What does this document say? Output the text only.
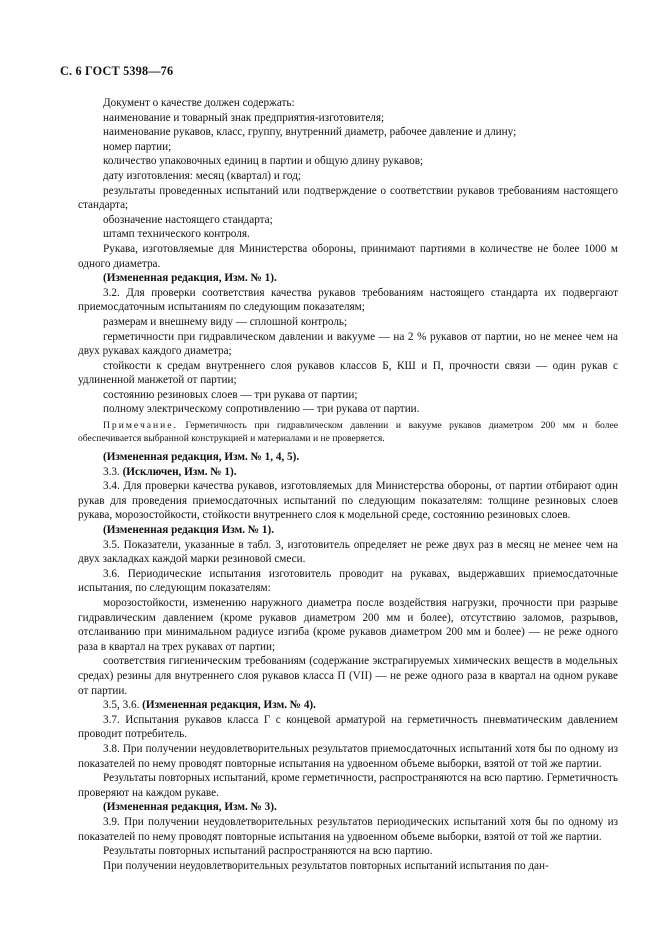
С. 6 ГОСТ 5398—76

Документ о качестве должен содержать:

наименование и товарный знак предприятия-изготовителя;

наименование рукавов, класс, группу, внутренний диаметр, рабочее давление и длину;

номер партии;

количество упаковочных единиц в партии и общую длину рукавов;

дату изготовления: месяц (квартал) и год;

результаты проведенных испытаний или подтверждение о соответствии рукавов требованиям настоящего стандарта;

обозначение настоящего стандарта;

штамп технического контроля.

Рукава, изготовляемые для Министерства обороны, принимают партиями в количестве не более 1000 м одного диаметра.

(Измененная редакция, Изм. № 1).

3.2. Для проверки соответствия качества рукавов требованиям настоящего стандарта их подвергают приемосдаточным испытаниям по следующим показателям;

размерам и внешнему виду — сплошной контроль;

герметичности при гидравлическом давлении и вакууме — на 2 % рукавов от партии, но не менее чем на двух рукавах каждого диаметра;

стойкости к средам внутреннего слоя рукавов классов Б, КШ и П, прочности связи — один рукав с удлиненной манжетой от партии;

состоянию резиновых слоев — три рукава от партии;

полному электрическому сопротивлению — три рукава от партии.

Примечание. Герметичность при гидравлическом давлении и вакууме рукавов диаметром 200 мм и более обеспечивается выбранной конструкцией и материалами и не проверяется.

(Измененная редакция, Изм. № 1, 4, 5).

3.3. (Исключен, Изм. № 1).

3.4. Для проверки качества рукавов, изготовляемых для Министерства обороны, от партии отбирают один рукав для проведения приемосдаточных испытаний по следующим показателям: толщине резиновых слоев рукава, морозостойкости, стойкости внутреннего слоя к модельной среде, состоянию резиновых слоев.

(Измененная редакция Изм. № 1).

3.5. Показатели, указанные в табл. 3, изготовитель определяет не реже двух раз в месяц не менее чем на двух закладках каждой марки резиновой смеси.

3.6. Периодические испытания изготовитель проводит на рукавах, выдержавших приемосдаточные испытания, по следующим показателям:

морозостойкости, изменению наружного диаметра после воздействия нагрузки, прочности при разрыве гидравлическим давлением (кроме рукавов диаметром 200 мм и более), отсутствию заломов, разрывов, отслаиванию при минимальном радиусе изгиба (кроме рукавов диаметром 200 мм и более) — не реже одного раза в квартал на трех рукавах от партии;

соответствия гигиеническим требованиям (содержание экстрагируемых химических веществ в модельных средах) резины для внутреннего слоя рукавов класса П (VII) — не реже одного раза в квартал на одном рукаве от партии.

3.5, 3.6. (Измененная редакция, Изм. № 4).

3.7. Испытания рукавов класса Г с концевой арматурой на герметичность пневматическим давлением проводит потребитель.

3.8. При получении неудовлетворительных результатов приемосдаточных испытаний хотя бы по одному из показателей по нему проводят повторные испытания на удвоенном объеме выборки, взятой от той же партии.

Результаты повторных испытаний, кроме герметичности, распространяются на всю партию. Герметичность проверяют на каждом рукаве.

(Измененная редакция, Изм. № 3).

3.9. При получении неудовлетворительных результатов периодических испытаний хотя бы по одному из показателей по нему проводят повторные испытания на удвоенном объеме выборки, взятой от той же партии.

Результаты повторных испытаний распространяются на всю партию.

При получении неудовлетворительных результатов повторных испытаний испытания по дан-
